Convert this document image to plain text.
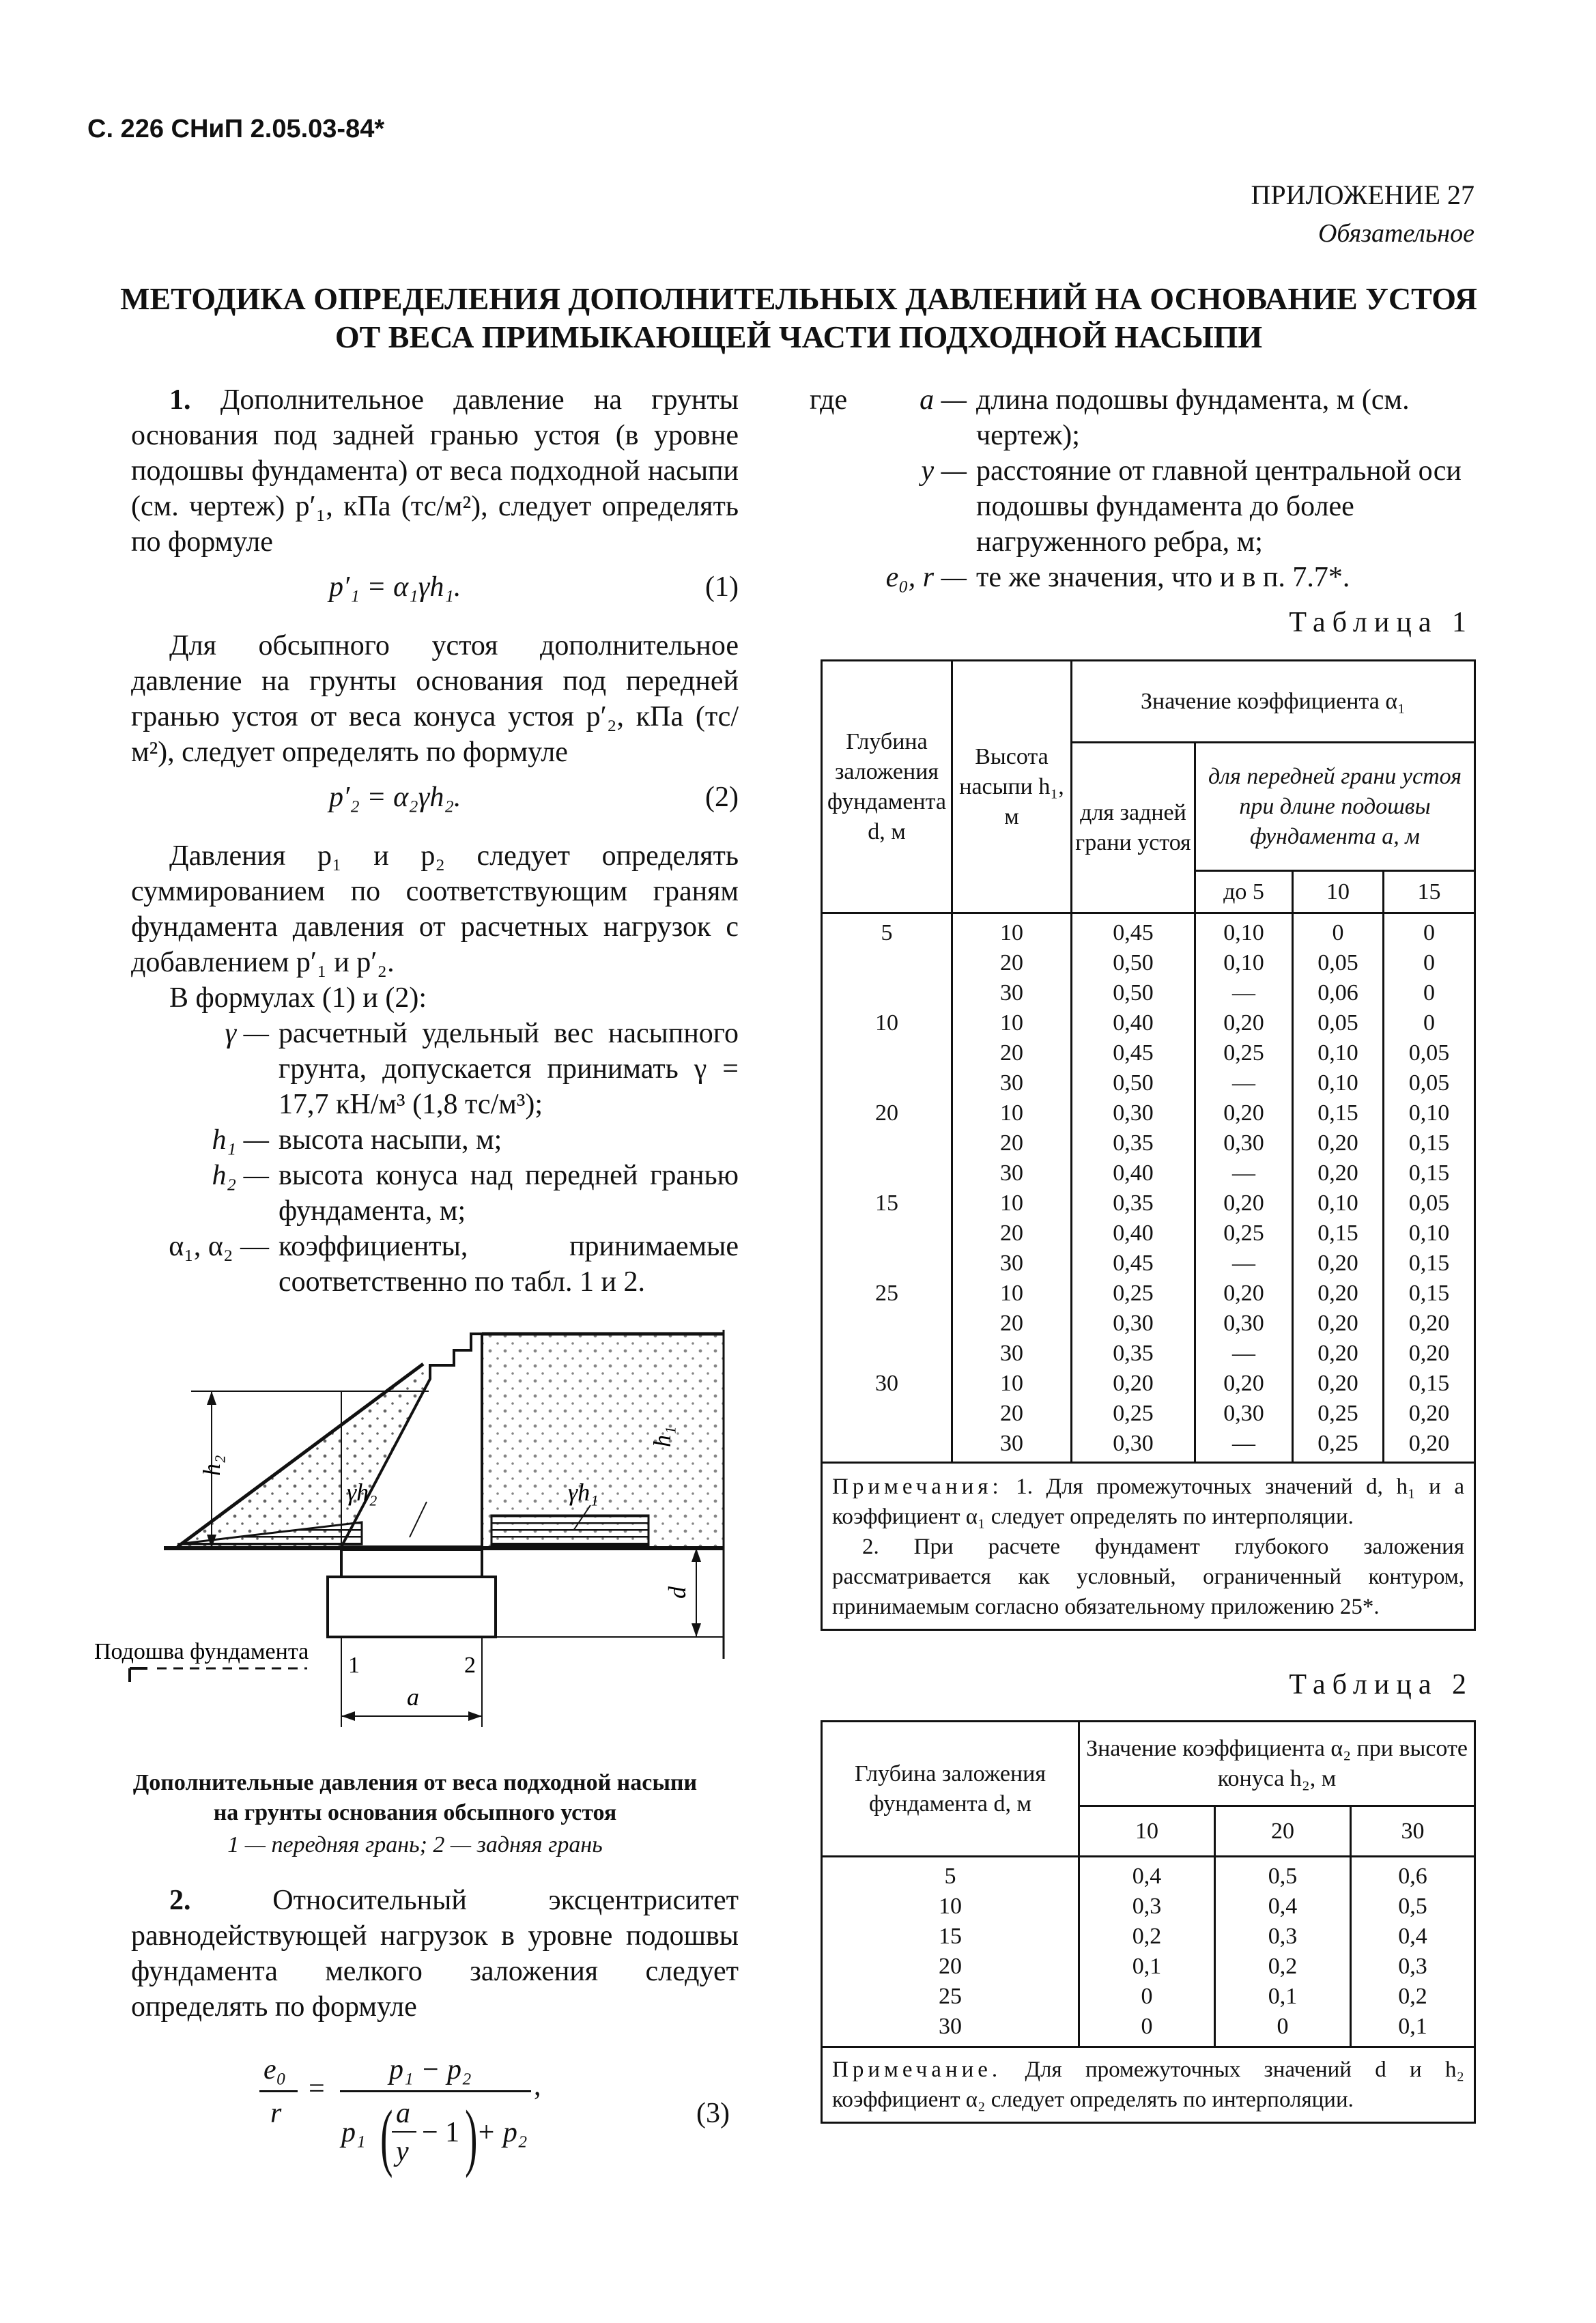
С. 226 СНиП 2.05.03-84*
ПРИЛОЖЕНИЕ 27
Обязательное
МЕТОДИКА ОПРЕДЕЛЕНИЯ ДОПОЛНИТЕЛЬНЫХ ДАВЛЕНИЙ НА ОСНОВАНИЕ УСТОЯ
ОТ ВЕСА ПРИМЫКАЮЩЕЙ ЧАСТИ ПОДХОДНОЙ НАСЫПИ

1. Дополнительное давление на грунты основания под задней гранью устоя (в уровне подошвы фундамента) от веса подходной насыпи (см. чертеж) p′₁, кПа (тс/м²), следует определять по формуле

p′₁ = α₁γh₁.	(1)

Для обсыпного устоя дополнительное давление на грунты основания под передней гранью устоя от веса конуса устоя p′₂, кПа (тс/м²), следует определять по формуле

p′₂ = α₂γh₂.	(2)

Давления p₁ и p₂ следует определять суммированием по соответствующим граням фундамента давления от расчетных нагрузок с добавлением p′₁ и p′₂.

В формулах (1) и (2):

γ — расчетный удельный вес насыпного грунта, допускается принимать γ = 17,7 кН/м³ (1,8 тс/м³);
h₁ — высота насыпи, м;
h₂ — высота конуса над передней гранью фундамента, м;
α₁, α₂ — коэффициенты, принимаемые соответственно по табл. 1 и 2.
h₂
γh₂	γh₁
h₁
d
Подошва фундамента
1	2
a
Дополнительные давления от веса подходной насыпи
на грунты основания обсыпного устоя
1 — передняя грань; 2 — задняя грань

2.	Относительный эксцентриситет равнодействующей нагрузок в уровне подошвы фундамента мелкого заложения следует определять по формуле

e₀
r
=
p₁ − p₂
p₁ ( a
y
− 1 )
+ p₂
,
(3)
где	a — длина подошвы фундамента, м (см. чертеж);
y — расстояние от главной центральной оси подошвы фундамента до более нагруженного ребра, м;
e₀, r — те же значения, что и в п. 7.7*.
Таблица 1
Глубина заложения фундамента d, м	Высота насыпи h₁, м	Значение коэффициента α₁			
		для задней грани устоя	для передней грани устоя при длине подошвы фундамента a, м		
			до 5	10	15
5	10	0,45	0,10	0	0
	20	0,50	0,10	0,05	0
	30	0,50	—	0,06	0
10	10	0,40	0,20	0,05	0
	20	0,45	0,25	0,10	0,05
	30	0,50	—	0,10	0,05
20	10	0,30	0,20	0,15	0,10
	20	0,35	0,30	0,20	0,15
	30	0,40	—	0,20	0,15
15	10	0,35	0,20	0,10	0,05
	20	0,40	0,25	0,15	0,10
	30	0,45	—	0,20	0,15
25	10	0,25	0,20	0,20	0,15
	20	0,30	0,30	0,20	0,20
	30	0,35	—	0,20	0,20
30	10	0,20	0,20	0,20	0,15
	20	0,25	0,30	0,25	0,20
	30	0,30	—	0,25	0,20
Примечания: 1. Для промежуточных значений d, h₁ и a коэффициент α₁ следует определять по интерполяции.
2. При расчете фундамент глубокого заложения рассматривается как условный, ограниченный контуром, принимаемым согласно обязательному приложению 25*.					
Таблица 2
Глубина заложения фундамента d, м	Значение коэффициента α₂ при высоте конуса h₂, м		
	10	20	30
5	0,4	0,5	0,6
10	0,3	0,4	0,5
15	0,2	0,3	0,4
20	0,1	0,2	0,3
25	0	0,1	0,2
30	0	0	0,1
Примечание. Для промежуточных значений d и h₂ коэффициент α₂ следует определять по интерполяции.			
